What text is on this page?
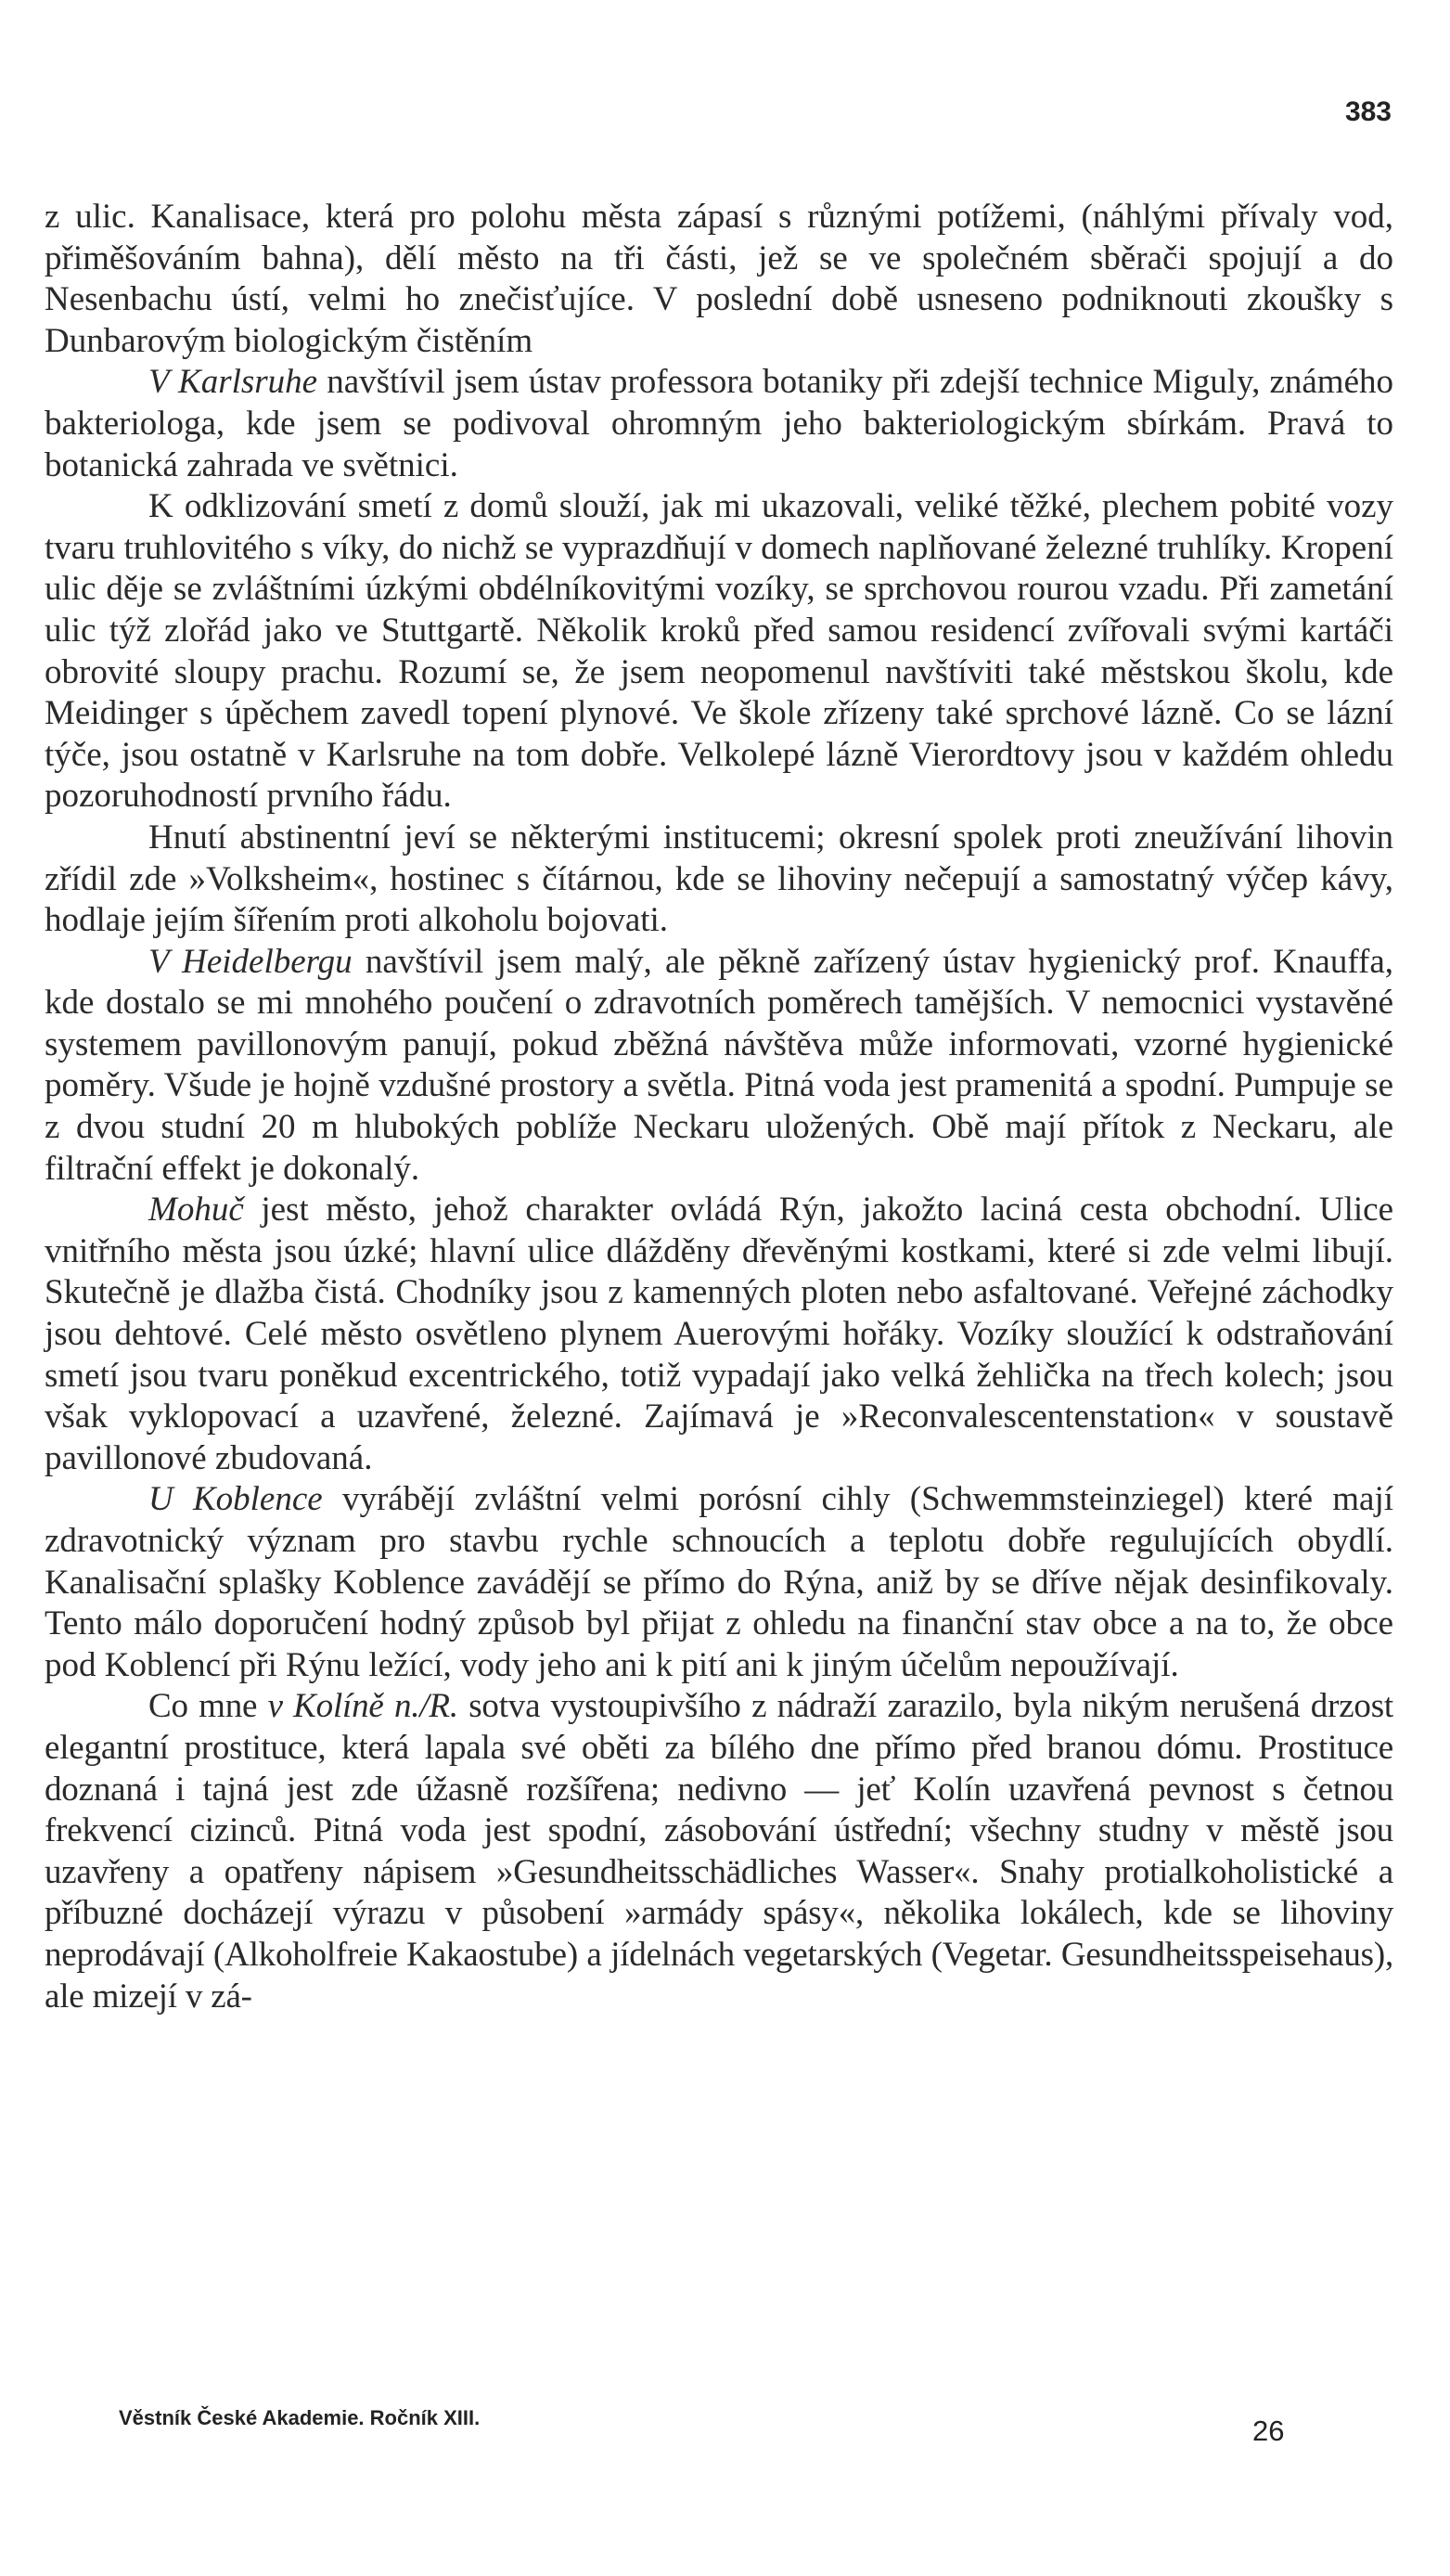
383

z ulic. Kanalisace, která pro polohu města zápasí s různými potížemi, (náhlými přívaly vod, přiměšováním bahna), dělí město na tři části, jež se ve společném sběrači spojují a do Nesenbachu ústí, velmi ho znečisťujíce. V poslední době usneseno podniknouti zkoušky s Dunbarovým biologickým čistěním

V Karlsruhe navštívil jsem ústav professora botaniky při zdejší technice Miguly, známého bakteriologa, kde jsem se podivoval ohromným jeho bakteriologickým sbírkám. Pravá to botanická zahrada ve světnici.

K odklizování smetí z domů slouží, jak mi ukazovali, veliké těžké, plechem pobité vozy tvaru truhlovitého s víky, do nichž se vyprazdňují v domech naplňované železné truhlíky. Kropení ulic děje se zvláštními úzkými obdélníkovitými vozíky, se sprchovou rourou vzadu. Při zametání ulic týž zlořád jako ve Stuttgartě. Několik kroků před samou residencí zvířovali svými kartáči obrovité sloupy prachu. Rozumí se, že jsem neopomenul navštíviti také městskou školu, kde Meidinger s úpěchem zavedl topení plynové. Ve škole zřízeny také sprchové lázně. Co se lázní týče, jsou ostatně v Karlsruhe na tom dobře. Velkolepé lázně Vierordtovy jsou v každém ohledu pozoruhodností prvního řádu.

Hnutí abstinentní jeví se některými institucemi; okresní spolek proti zneužívání lihovin zřídil zde »Volksheim«, hostinec s čítárnou, kde se lihoviny nečepují a samostatný výčep kávy, hodlaje jejím šířením proti alkoholu bojovati.

V Heidelbergu navštívil jsem malý, ale pěkně zařízený ústav hygienický prof. Knauffa, kde dostalo se mi mnohého poučení o zdravotních poměrech tamějších. V nemocnici vystavěné systemem pavillonovým panují, pokud zběžná návštěva může informovati, vzorné hygienické poměry. Všude je hojně vzdušné prostory a světla. Pitná voda jest pramenitá a spodní. Pumpuje se z dvou studní 20 m hlubokých poblíže Neckaru uložených. Obě mají přítok z Neckaru, ale filtrační effekt je dokonalý.

Mohuč jest město, jehož charakter ovládá Rýn, jakožto laciná cesta obchodní. Ulice vnitřního města jsou úzké; hlavní ulice dlážděny dřevěnými kostkami, které si zde velmi libují. Skutečně je dlažba čistá. Chodníky jsou z kamenných ploten nebo asfaltované. Veřejné záchodky jsou dehtové. Celé město osvětleno plynem Auerovými hořáky. Vozíky sloužící k odstraňování smetí jsou tvaru poněkud excentrického, totiž vypadají jako velká žehlička na třech kolech; jsou však vyklopovací a uzavřené, železné. Zajímavá je »Reconvalescentenstation« v soustavě pavillonové zbudovaná.

U Koblence vyrábějí zvláštní velmi porósní cihly (Schwemmsteinziegel) které mají zdravotnický význam pro stavbu rychle schnoucích a teplotu dobře regulujících obydlí. Kanalisační splašky Koblence zavádějí se přímo do Rýna, aniž by se dříve nějak desinfikovaly. Tento málo doporučení hodný způsob byl přijat z ohledu na finanční stav obce a na to, že obce pod Koblencí při Rýnu ležící, vody jeho ani k pití ani k jiným účelům nepoužívají.

Co mne v Kolíně n./R. sotva vystoupivšího z nádraží zarazilo, byla nikým nerušená drzost elegantní prostituce, která lapala své oběti za bílého dne přímo před branou dómu. Prostituce doznaná i tajná jest zde úžasně rozšířena; nedivno — jeť Kolín uzavřená pevnost s četnou frekvencí cizinců. Pitná voda jest spodní, zásobování ústřední; všechny studny v městě jsou uzavřeny a opatřeny nápisem »Gesundheitsschädliches Wasser«. Snahy protialkoholistické a příbuzné docházejí výrazu v působení »armády spásy«, několika lokálech, kde se lihoviny neprodávají (Alkoholfreie Kakaostube) a jídelnách vegetarských (Vegetar. Gesundheitsspeisehaus), ale mizejí v zá-

Věstník České Akademie. Ročník XIII.	26
